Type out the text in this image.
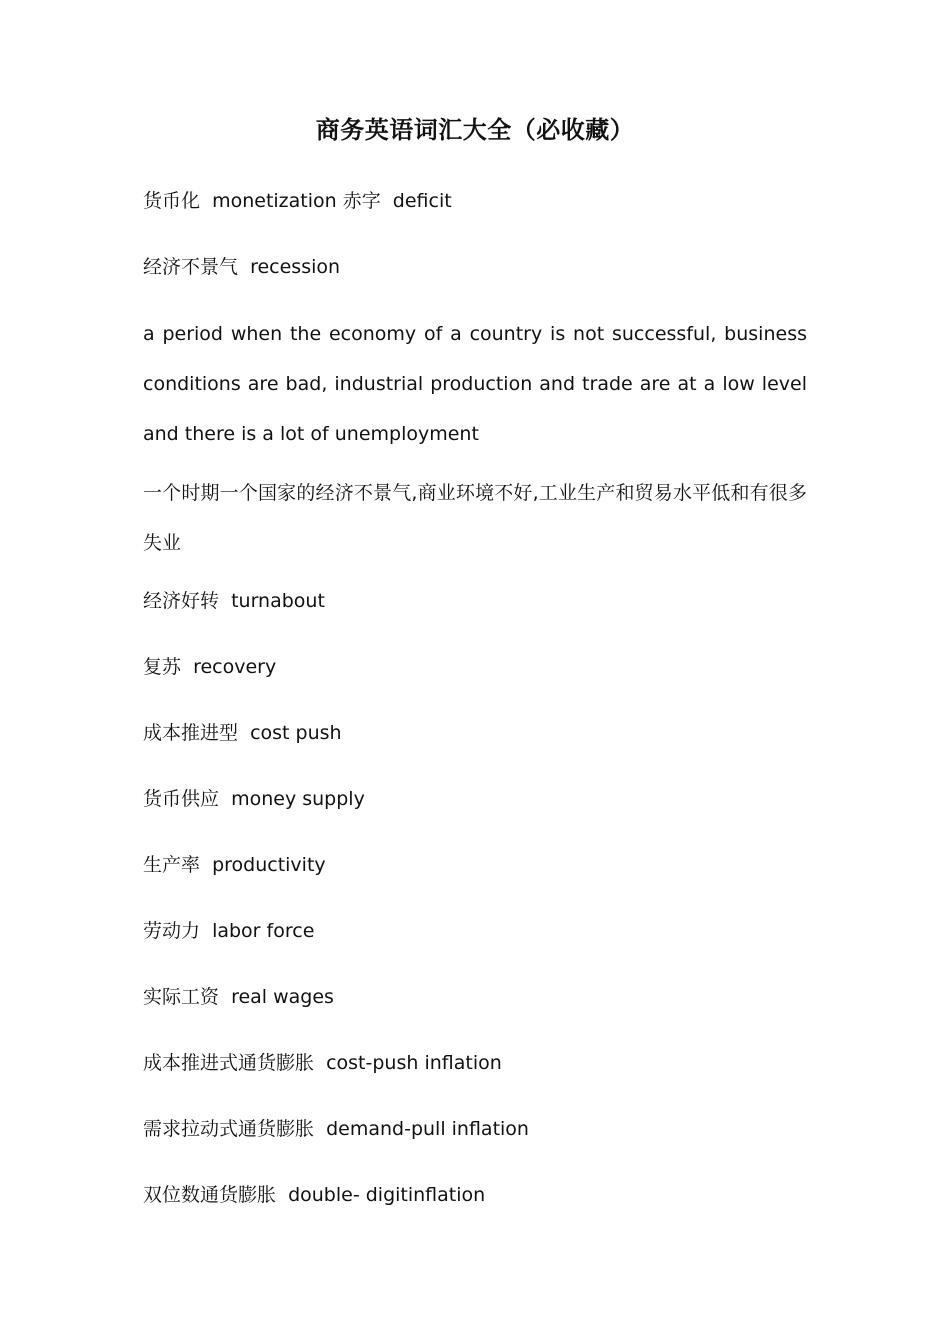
商务英语词汇大全（必收藏）
货币化  monetization 赤字  deficit
经济不景气  recession
a period when the economy of a country is not successful, business conditions are bad, industrial production and trade are at a low level and there is a lot of unemployment
一个时期一个国家的经济不景气,商业环境不好,工业生产和贸易水平低和有很多失业
经济好转  turnabout
复苏  recovery
成本推进型  cost push
货币供应  money supply
生产率  productivity
劳动力  labor force
实际工资  real wages
成本推进式通货膨胀  cost-push inflation
需求拉动式通货膨胀  demand-pull inflation
双位数通货膨胀  double- digitinflation
